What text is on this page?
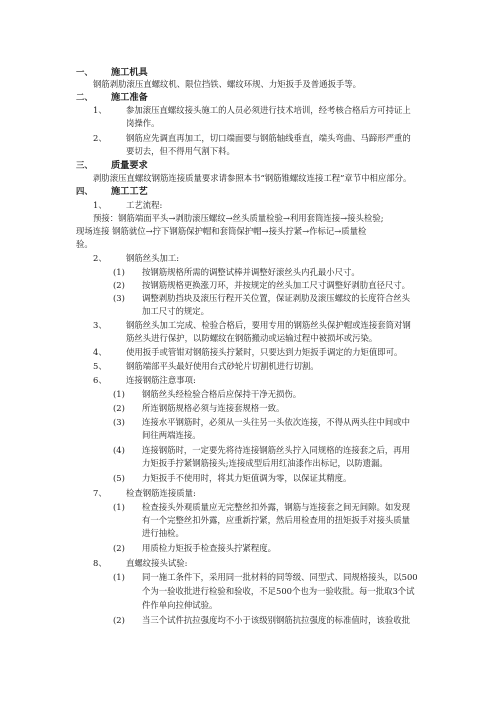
一、 施工机具
钢筋剥肋滚压直螺纹机、限位挡铁、螺纹环规、力矩扳手及普通扳手等。
二、 施工准备
1、 参加滚压直螺纹接头施工的人员必须进行技术培训，经考核合格后方可持证上
岗操作。
2、 钢筋应先调直再加工，切口端面要与钢筋轴线垂直，端头弯曲、马蹄形严重的
要切去，但不得用气割下料。
三、 质量要求
剥肋滚压直螺纹钢筋连接质量要求请参照本书“钢筋锥螺纹连接工程”章节中相应部分。
四、 施工工艺
1、 工艺流程:
预接：钢筋端面平头→剥肋滚压螺纹→丝头质量检验→利用套筒连接→接头检验;
现场连接 钢筋就位→拧下钢筋保护帽和套筒保护帽→接头拧紧→作标记→质量检
验。
2、 钢筋丝头加工:
(1) 按钢筋规格所需的调整试棒并调整好滚丝头内孔最小尺寸。
(2) 按钢筋规格更换涨刀环，并按规定的丝头加工尺寸调整好剥肋直径尺寸。
(3) 调整剥肋挡块及滚压行程开关位置，保证剥肋及滚压螺纹的长度符合丝头
加工尺寸的规定。
3、 钢筋丝头加工完成、检验合格后，要用专用的钢筋丝头保护帽或连接套筒对钢
筋丝头进行保护，以防螺纹在钢筋搬动或运输过程中被损坏或污染。
4、 使用扳手或管钳对钢筋接头拧紧时，只要达到力矩扳手调定的力矩值即可。
5、 钢筋端部平头最好使用台式砂轮片切割机进行切割。
6、 连接钢筋注意事项:
(1) 钢筋丝头经检验合格后应保持干净无损伤。
(2) 所连钢筋规格必须与连接套规格一致。
(3) 连接水平钢筋时，必须从一头往另一头依次连接，不得从两头往中间或中
间往两端连接。
(4) 连接钢筋时，一定要先将待连接钢筋丝头拧入同规格的连接套之后，再用
力矩扳手拧紧钢筋接头;连接成型后用红油漆作出标记，以防遗漏。
(5) 力矩扳手不使用时，将其力矩值调为零，以保证其精度。
7、 检查钢筋连接质量:
(1) 检查接头外观质量应无完整丝扣外露，钢筋与连接套之间无间隙。如发现
有一个完整丝扣外露，应重新拧紧，然后用检查用的扭矩扳手对接头质量
进行抽检。
(2) 用质检力矩扳手检查接头拧紧程度。
8、 直螺纹接头试验:
(1) 同一施工条件下，采用同一批材料的同等级、同型式、同规格接头，以500
个为一验收批进行检验和验收，不足500个也为一验收批。每一批取3个试
件作单向拉伸试验。
(2) 当三个试件抗拉强度均不小于该级别钢筋抗拉强度的标准值时，该验收批
